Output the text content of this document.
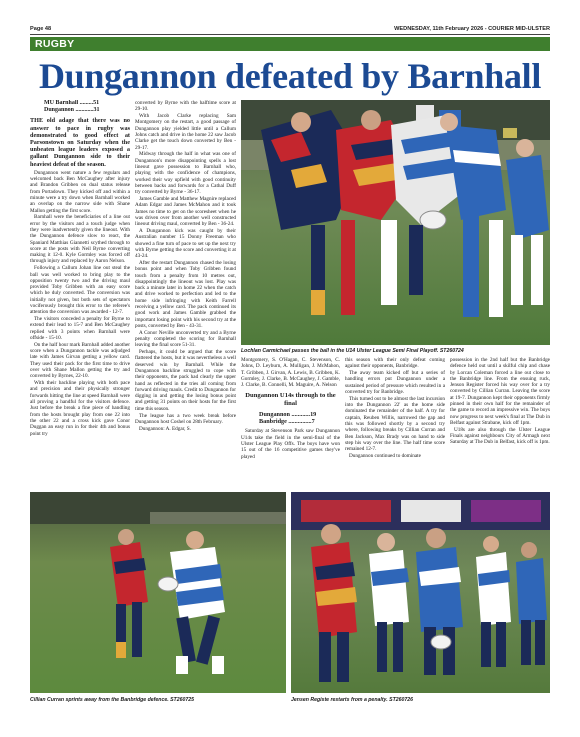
Page 48	WEDNESDAY, 11th February 2026 - COURIER MID-ULSTER
RUGBY
Dungannon defeated by Barnhall
MU Barnhall .........51
Dungannon ............31
THE old adage that there was no answer to pace in rugby was demonstrated to good effect at Parsonstown on Saturday when the unbeaten league leaders exposed a gallant Dungannon side to their heaviest defeat of the season.

Dungannon went nature a few regulars and welcomed back Ben McCaughey after injury and Brandon Gribben on dual status release from Portadown. They kicked off and within a minute were a try down when Barnhall worked an overlap on the narrow side with Shane Mallon getting the first score.

Barnhall were the beneficiaries of a line out error by the visitors and a touch judge when they were inadvertently given the lineout. With the Dungannon defence slow to react, the Spaniard Matthias Giannetti scythed through to score at the posts with Neil Byrne converting making it 12-0. Kyle Gormley was forced off through injury and replaced by Aaron Nelson.

Following a Callum Johan line out steal the ball was well worked to bring play to the opposition twenty two and the driving maul provided Toby Gribben with an easy score which he duly converted. The conversion was initially not given, but both sets of spectators vociferously brought this error to the referee's attention the conversion was awarded - 12-7.

The visitors conceded a penalty for Byrne to extend their lead to 15-7 and Ben McCaughey replied with 3 points when Barnhall were offside - 15-10.

On the half hour mark Barnhall added another score when a Dungannon tackle was adjudged late with James Girvan getting a yellow card. They used their pack for the first time to drive over with Shane Mallon getting the try and converted by Byrnes, 22-10.

With their backline playing with both pace and precision and their physically stronger forwards hitting the line at speed Barnhall were all proving a handful for the visitors defence. Just before the break a fine piece of handling from the hosts brought play from one 22 into the other 22 and a cross kick gave Conor Duggan an easy run in for their 4th and bonus point try

converted by Byrne with the halftime score at 29-10.

With Jacob Clarke replacing Sam Montgomery on the restart, a good passage of Dungannon play yielded little until a Callum Johns catch and drive in the home 22 saw Jacob Clarke get the touch down converted by Ben - 29-17.

Midway through the half in what was one of Dungannon's more disappointing spells a lost lineout gave possession to Barnhall who, playing with the confidence of champions, worked their way upfield with good continuity between backs and forwards for a Cathal Duff try converted by Byrne - 36-17.

James Gamble and Matthew Magnire replaced Adam Edgar and James McMahon and it took James no time to get on the scoresheet when he was driven over from another well constructed lineout driving maul, converted by Ben - 36-24.

A Dungannon kick was caught by their Australian number 15 Donny Freeman who showed a fine turn of pace to set up the next try with Byrne getting the score and converting it at 43-24.

After the restart Dungannon chased the losing bonus point and when Toby Gribben found touch from a penalty from 10 metres out, disappointingly the lineout was lost. Play was back a minute later in home 22 when the catch and drive worked to perfection and led to the home side infringing with Keith Farrell receiving a yellow card. The pack continued its good work and James Gamble grabbed the important losing point with his second try at the posts, converted by Ben - 43-31.

A Conor Neville unconverted try and a Byrne penalty completed the scoring for Barnhall leaving the final score 51-31.

Perhaps, it could be argued that the score flattered the hosts, but it was nevertheless a well deserved win by Barnhall. While the Dungannon backline struggled to cope with their opponents, the pack had clearly the upper hand as reflected in the tries all coming from forward driving mauls. Credit to Dungannon for digging in and getting the losing bonus point and getting 31 points on their hosts for the first time this season.

The league has a two week break before Dungannon host Coshel on 28th February.

Dungannon: A. Edgar, S.

Lochlan Carmichael passes the ball in the U14 Ulster League Semi Final Playoff. ST260724

Montgomery, S. O'Hagan, C. Stevenson, C. Johns, D. Leyburn, A. Mulligan, J. McMahon, T. Gribben, J. Girvan, A. Lewis, B. Gribben, K. Gormley, J. Clarke, B. McCaughey, J. Gamble, J. Clarke, B. Connelli, M. Maguire, A. Nelson

Dungannon U14s through to the final
Dungannon ............19
Banbridge ...............7

Saturday at Stevenson Park saw Dungannon U14s take the field in the semi-final of the Ulster League Play Offs. The boys have won 15 out of the 16 competitive games they've played

this season with their only defeat coming against their opponents, Banbridge.

The away team kicked off but a series of handling errors put Dungannon under a sustained period of pressure which resulted in a converted try for Banbridge.

This turned out to be almost the last incursion into the Dungannon 22' as the home side dominated the remainder of the half. A try for captain, Reuben Willis, narrowed the gap and this was followed shortly by a second try where, following breaks by Cillian Curran and Ben Jackson, Max Brady was on hand to side step his way over the line. The half time score remained 12-7.

Dungannon continued to dominate

possession in the 2nd half but the Banbridge defence held out until a skilful chip and chase by Lorcan Coleman forced a line out close to the Banbridge line. From the ensuing ruck, Jenson Register forced his way over for a try converted by Cillian Curran. Leaving the score at 19-7. Dungannon kept their opponents firmly pinned in their own half for the remainder of the game to record an impressive win. The boys now progress to next week's final at The Dub in Belfast against Strabane, kick off 1pm.

U18s are also through the Ulster League Finals against neighbours City of Armagh next Saturday at The Dub in Belfast, kick off is 1pm.

Cillian Curran sprints away from the Banbridge defence. ST260725	Jensen Registe restarts from a penalty. ST260726
